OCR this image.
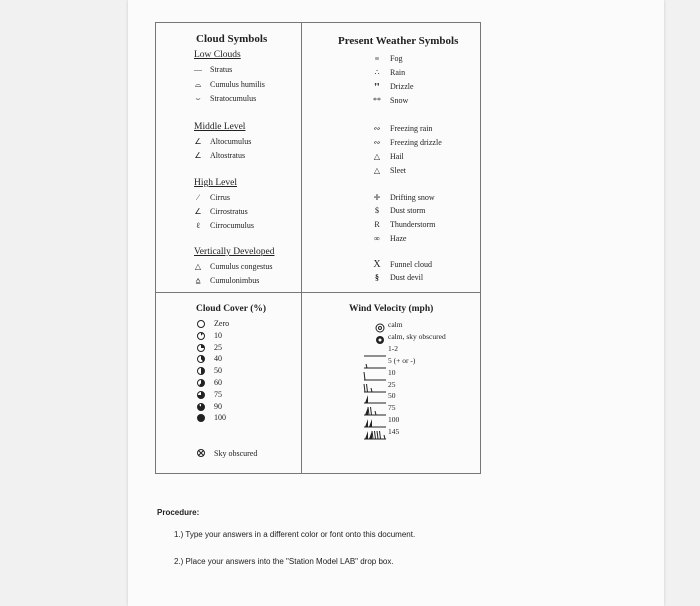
Cloud Symbols
Low Clouds
— Stratus
⌓	Cumulus humilis
⌣	Stratocumulus
Middle Level
∠	Altocumulus
∠	Altostratus
High Level
⁄	Cirrus
∠	Cirrostratus
ℓ	Cirrocumulus
Vertically Developed
△	Cumulus congestus
⩠	Cumulonimbus
Present Weather Symbols
≡	Fog
∴	Rain
❜❜	Drizzle
** Snow
∾	Freezing rain
∾	Freezing drizzle
△	Hail
△	Sleet
✛	Drifting snow
$	Dust storm
Ɍ	Thunderstorm
∞	Haze
X Funnel cloud
§	Dust devil
Cloud Cover (%)
Zero
10
25
40
50
60
75
90
100
Sky obscured
Wind Velocity (mph)
calm
calm, sky obscured
1-2
5 (+ or -)
10
25
50
75
100
145
Procedure:
1.) Type your answers in a different color or font onto this document.
2.) Place your answers into the "Station Model LAB" drop box.
